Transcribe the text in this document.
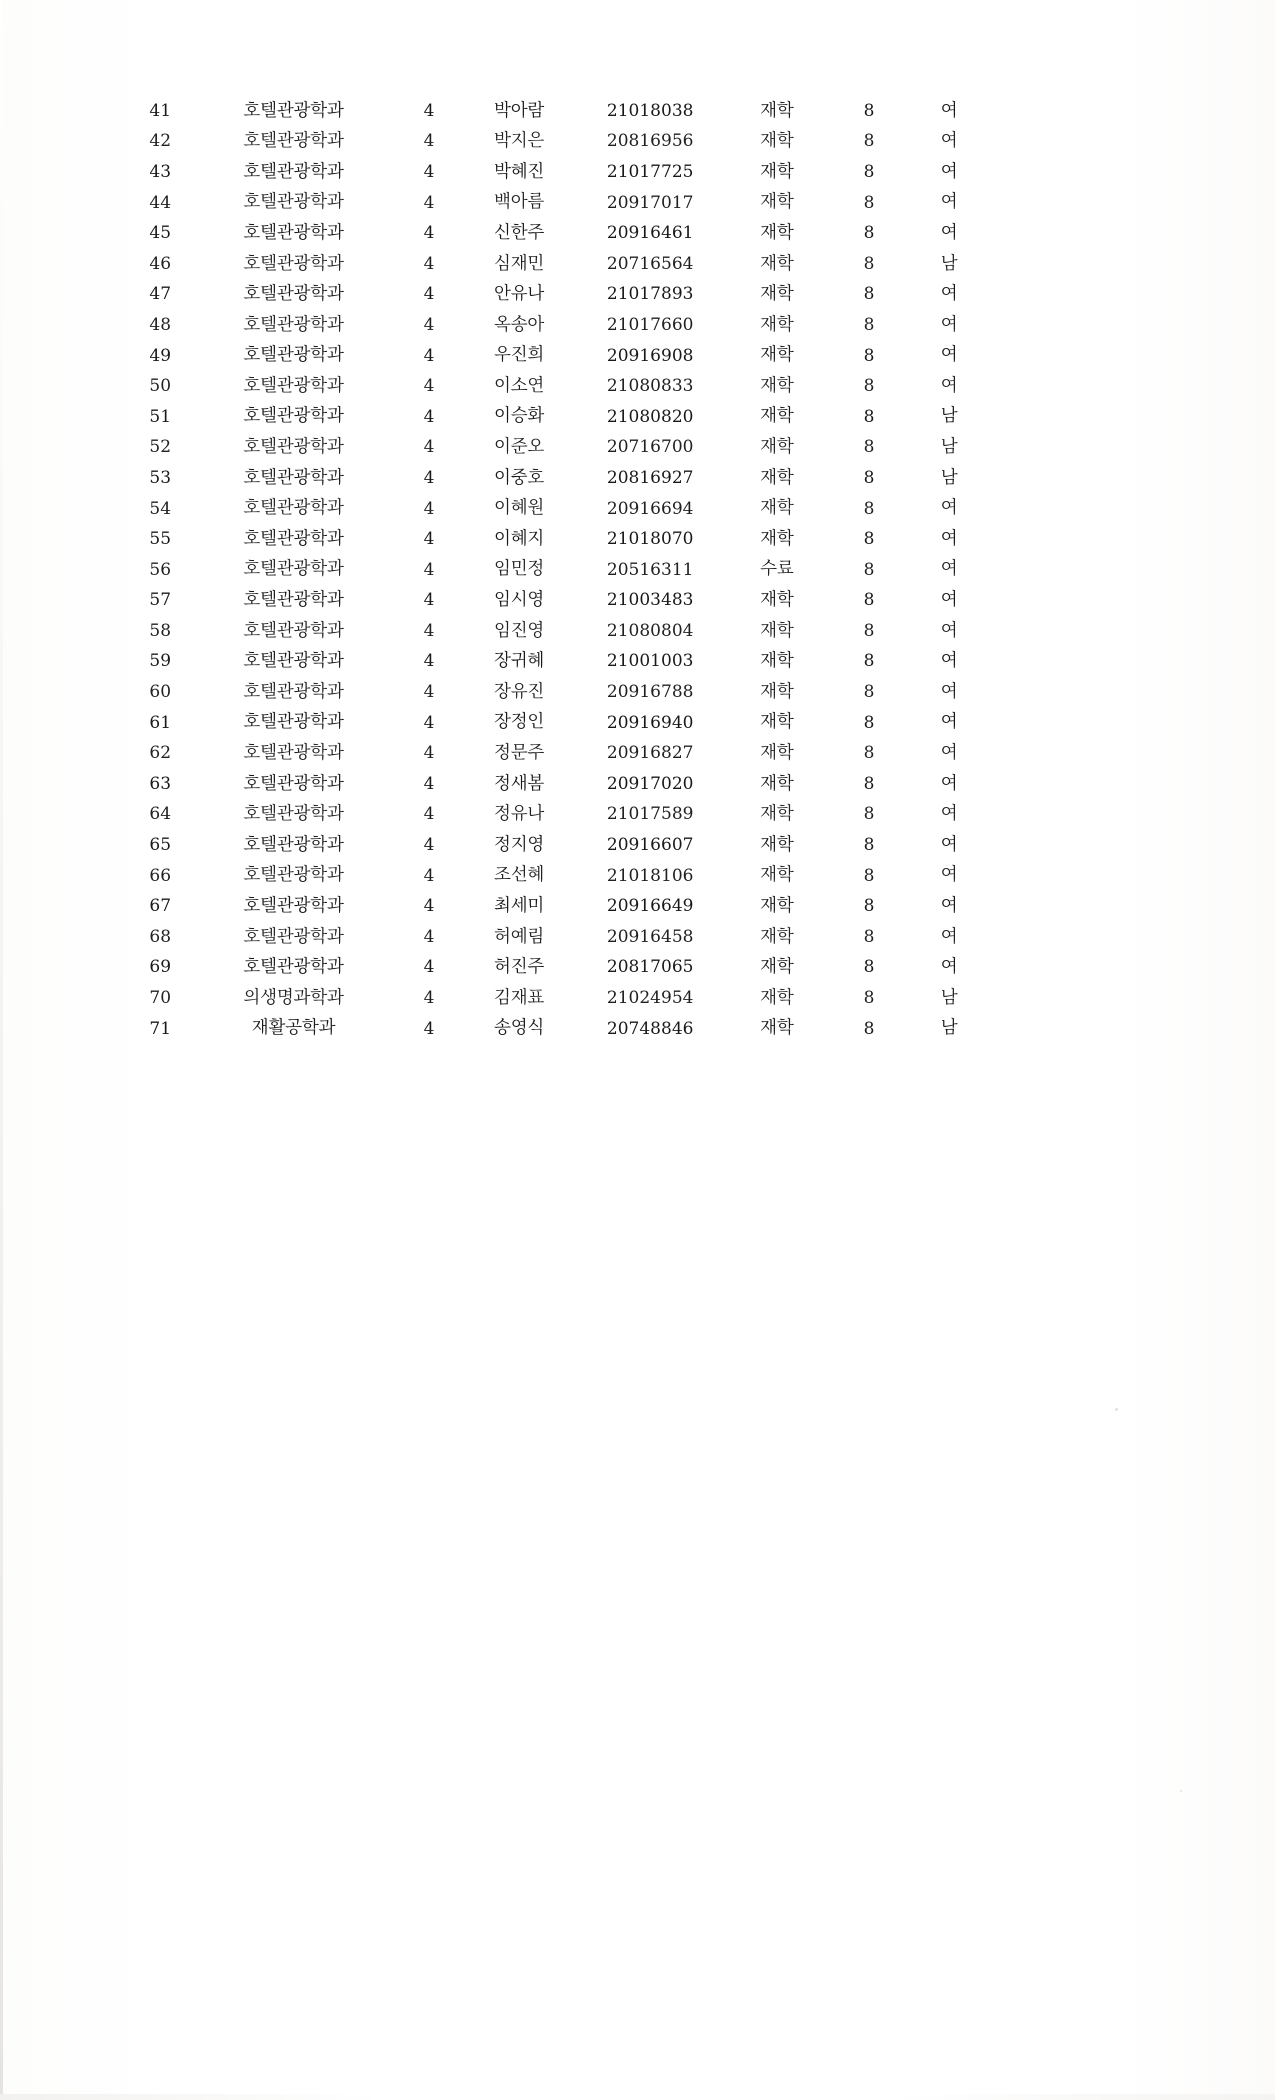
41	호텔관광학과	4	박아람	21018038	재학	8	여
42	호텔관광학과	4	박지은	20816956	재학	8	여
43	호텔관광학과	4	박혜진	21017725	재학	8	여
44	호텔관광학과	4	백아름	20917017	재학	8	여
45	호텔관광학과	4	신한주	20916461	재학	8	여
46	호텔관광학과	4	심재민	20716564	재학	8	남
47	호텔관광학과	4	안유나	21017893	재학	8	여
48	호텔관광학과	4	옥송아	21017660	재학	8	여
49	호텔관광학과	4	우진희	20916908	재학	8	여
50	호텔관광학과	4	이소연	21080833	재학	8	여
51	호텔관광학과	4	이승화	21080820	재학	8	남
52	호텔관광학과	4	이준오	20716700	재학	8	남
53	호텔관광학과	4	이중호	20816927	재학	8	남
54	호텔관광학과	4	이혜원	20916694	재학	8	여
55	호텔관광학과	4	이혜지	21018070	재학	8	여
56	호텔관광학과	4	임민정	20516311	수료	8	여
57	호텔관광학과	4	임시영	21003483	재학	8	여
58	호텔관광학과	4	임진영	21080804	재학	8	여
59	호텔관광학과	4	장귀혜	21001003	재학	8	여
60	호텔관광학과	4	장유진	20916788	재학	8	여
61	호텔관광학과	4	장정인	20916940	재학	8	여
62	호텔관광학과	4	정문주	20916827	재학	8	여
63	호텔관광학과	4	정새봄	20917020	재학	8	여
64	호텔관광학과	4	정유나	21017589	재학	8	여
65	호텔관광학과	4	정지영	20916607	재학	8	여
66	호텔관광학과	4	조선혜	21018106	재학	8	여
67	호텔관광학과	4	최세미	20916649	재학	8	여
68	호텔관광학과	4	허예림	20916458	재학	8	여
69	호텔관광학과	4	허진주	20817065	재학	8	여
70	의생명과학과	4	김재표	21024954	재학	8	남
71	재활공학과	4	송영식	20748846	재학	8	남
